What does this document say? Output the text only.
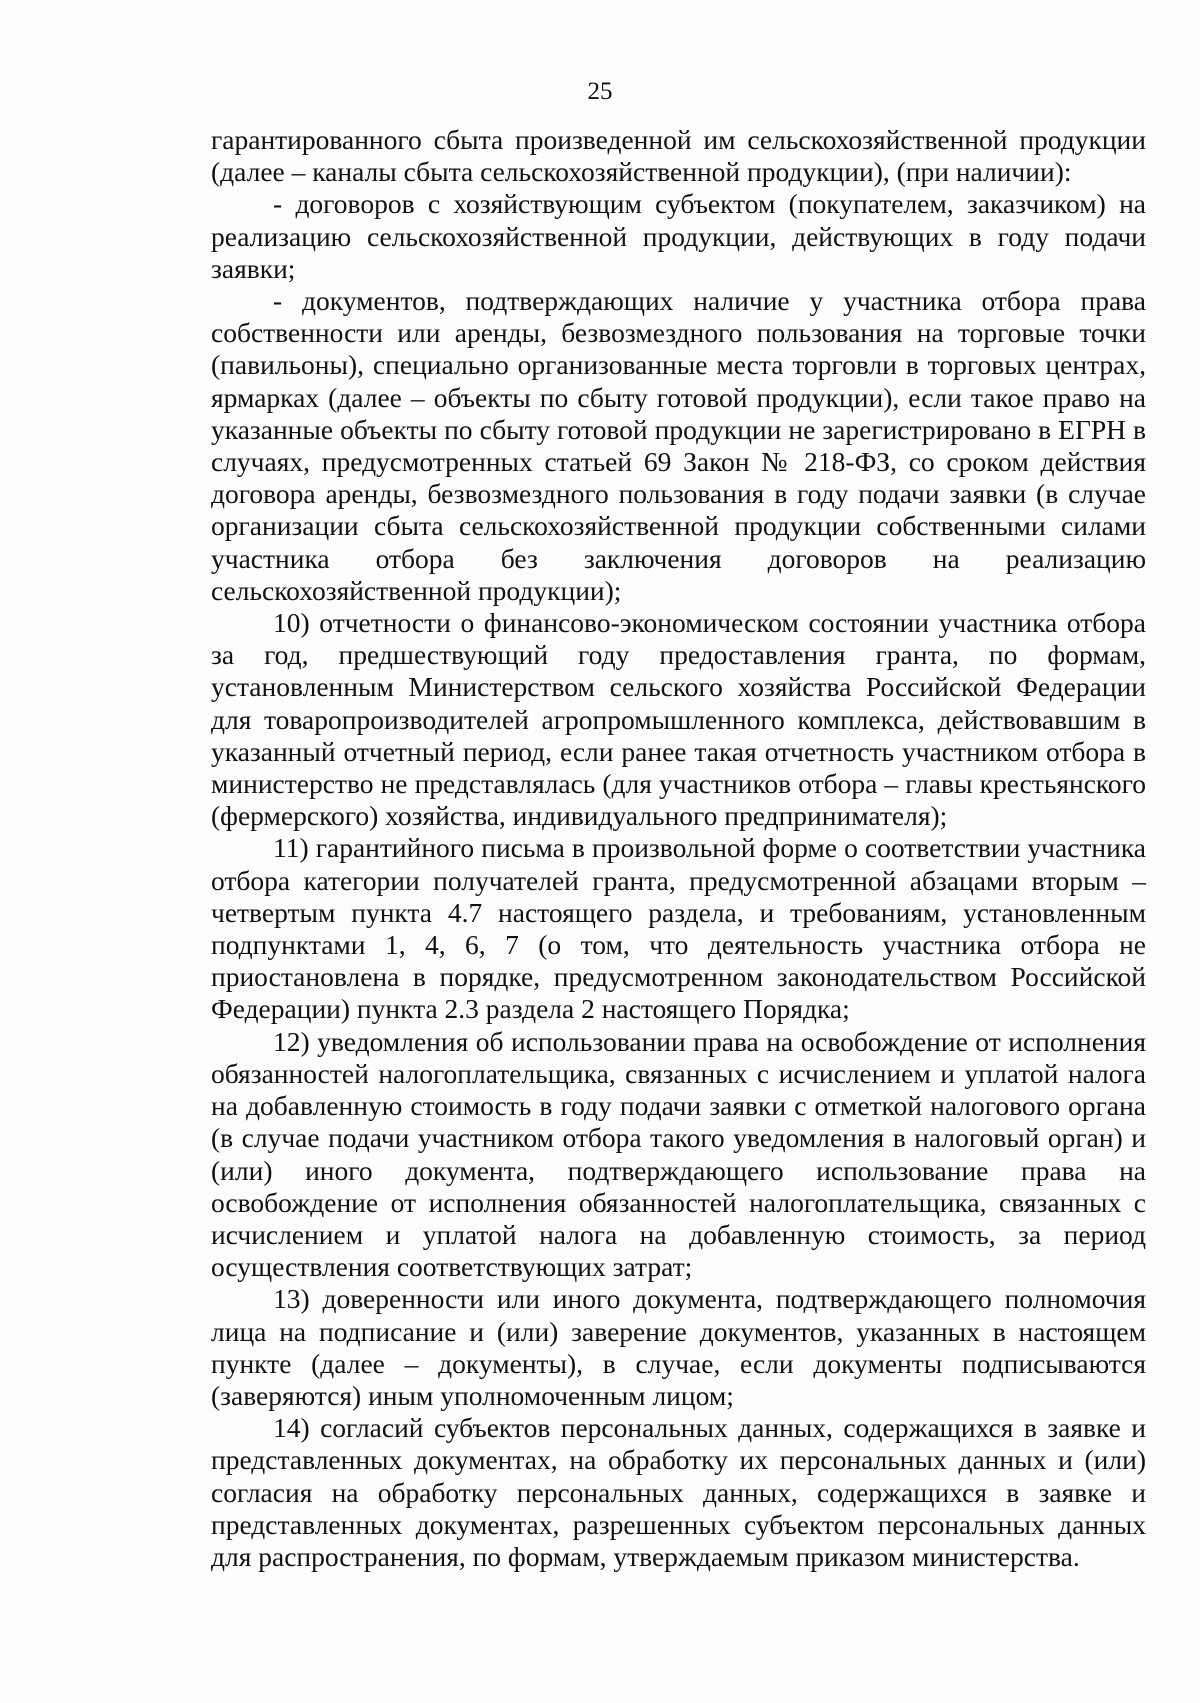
25

гарантированного сбыта произведенной им сельскохозяйственной продукции (далее – каналы сбыта сельскохозяйственной продукции), (при наличии):

- договоров с хозяйствующим субъектом (покупателем, заказчиком) на реализацию сельскохозяйственной продукции, действующих в году подачи заявки;

- документов, подтверждающих наличие у участника отбора права собственности или аренды, безвозмездного пользования на торговые точки (павильоны), специально организованные места торговли в торговых центрах, ярмарках (далее – объекты по сбыту готовой продукции), если такое право на указанные объекты по сбыту готовой продукции не зарегистрировано в ЕГРН в случаях, предусмотренных статьей 69 Закон № 218-ФЗ, со сроком действия договора аренды, безвозмездного пользования в году подачи заявки (в случае организации сбыта сельскохозяйственной продукции собственными силами участника отбора без заключения договоров на реализацию сельскохозяйственной продукции);

10) отчетности о финансово-экономическом состоянии участника отбора за год, предшествующий году предоставления гранта, по формам, установленным Министерством сельского хозяйства Российской Федерации для товаропроизводителей агропромышленного комплекса, действовавшим в указанный отчетный период, если ранее такая отчетность участником отбора в министерство не представлялась (для участников отбора – главы крестьянского (фермерского) хозяйства, индивидуального предпринимателя);

11) гарантийного письма в произвольной форме о соответствии участника отбора категории получателей гранта, предусмотренной абзацами вторым – четвертым пункта 4.7 настоящего раздела, и требованиям, установленным подпунктами 1, 4, 6, 7 (о том, что деятельность участника отбора не приостановлена в порядке, предусмотренном законодательством Российской Федерации) пункта 2.3 раздела 2 настоящего Порядка;

12) уведомления об использовании права на освобождение от исполнения обязанностей налогоплательщика, связанных с исчислением и уплатой налога на добавленную стоимость в году подачи заявки с отметкой налогового органа (в случае подачи участником отбора такого уведомления в налоговый орган) и (или) иного документа, подтверждающего использование права на освобождение от исполнения обязанностей налогоплательщика, связанных с исчислением и уплатой налога на добавленную стоимость, за период осуществления соответствующих затрат;

13) доверенности или иного документа, подтверждающего полномочия лица на подписание и (или) заверение документов, указанных в настоящем пункте (далее – документы), в случае, если документы подписываются (заверяются) иным уполномоченным лицом;

14) согласий субъектов персональных данных, содержащихся в заявке и представленных документах, на обработку их персональных данных и (или) согласия на обработку персональных данных, содержащихся в заявке и представленных документах, разрешенных субъектом персональных данных для распространения, по формам, утверждаемым приказом министерства.
